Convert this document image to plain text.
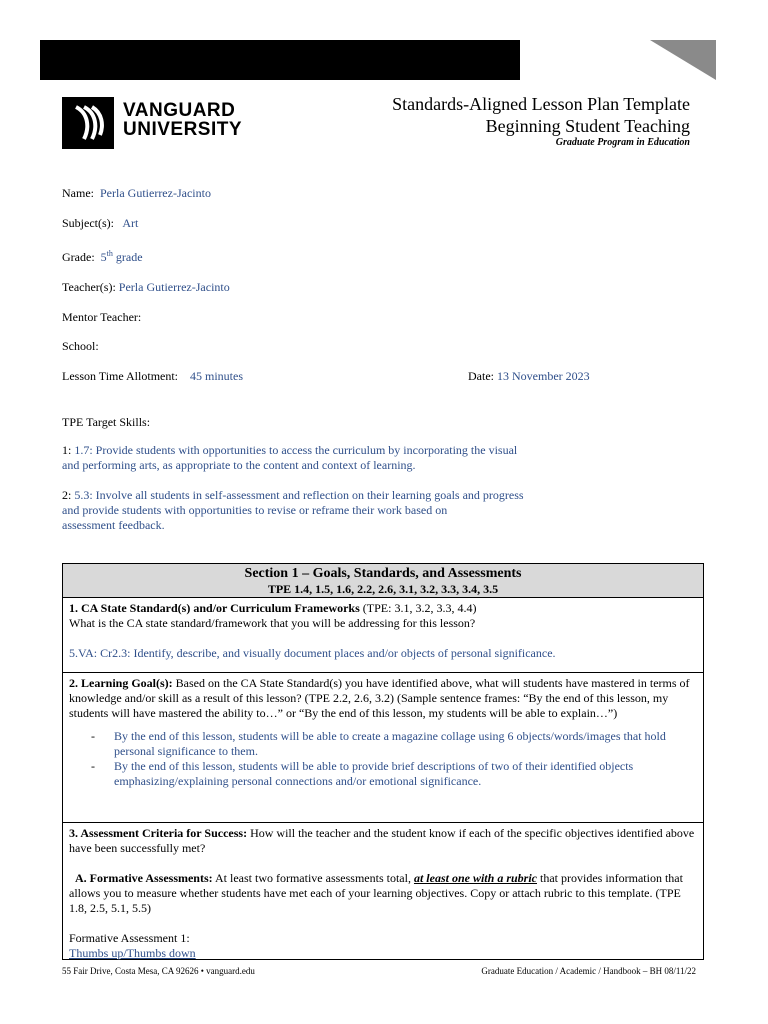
VANGUARD
UNIVERSITY
Standards-Aligned Lesson Plan Template
Beginning Student Teaching
Graduate Program in Education
Name: Perla Gutierrez-Jacinto
Subject(s): Art
Grade: 5th grade
Teacher(s): Perla Gutierrez-Jacinto
Mentor Teacher:
School:
Lesson Time Allotment: 45 minutes	Date: 13 November 2023
TPE Target Skills:
1: 1.7: Provide students with opportunities to access the curriculum by incorporating the visual
and performing arts, as appropriate to the content and context of learning.
2: 5.3: Involve all students in self-assessment and reflection on their learning goals and progress
and provide students with opportunities to revise or reframe their work based on
assessment feedback.
Section 1 – Goals, Standards, and Assessments
TPE 1.4, 1.5, 1.6, 2.2, 2.6, 3.1, 3.2, 3.3, 3.4, 3.5
1. CA State Standard(s) and/or Curriculum Frameworks (TPE: 3.1, 3.2, 3.3, 4.4)
What is the CA state standard/framework that you will be addressing for this lesson?
5.VA: Cr2.3: Identify, describe, and visually document places and/or objects of personal significance.
2. Learning Goal(s): Based on the CA State Standard(s) you have identified above, what will students have mastered in terms of knowledge and/or skill as a result of this lesson? (TPE 2.2, 2.6, 3.2) (Sample sentence frames: “By the end of this lesson, my students will have mastered the ability to…” or “By the end of this lesson, my students will be able to explain…”)
- By the end of this lesson, students will be able to create a magazine collage using 6 objects/words/images that hold personal significance to them.
- By the end of this lesson, students will be able to provide brief descriptions of two of their identified objects emphasizing/explaining personal connections and/or emotional significance.
3. Assessment Criteria for Success: How will the teacher and the student know if each of the specific objectives identified above have been successfully met?
A. Formative Assessments: At least two formative assessments total, at least one with a rubric that provides information that allows you to measure whether students have met each of your learning objectives. Copy or attach rubric to this template. (TPE 1.8, 2.5, 5.1, 5.5)
Formative Assessment 1:
Thumbs up/Thumbs down
55 Fair Drive, Costa Mesa, CA 92626 • vanguard.edu	Graduate Education / Academic / Handbook – BH 08/11/22
